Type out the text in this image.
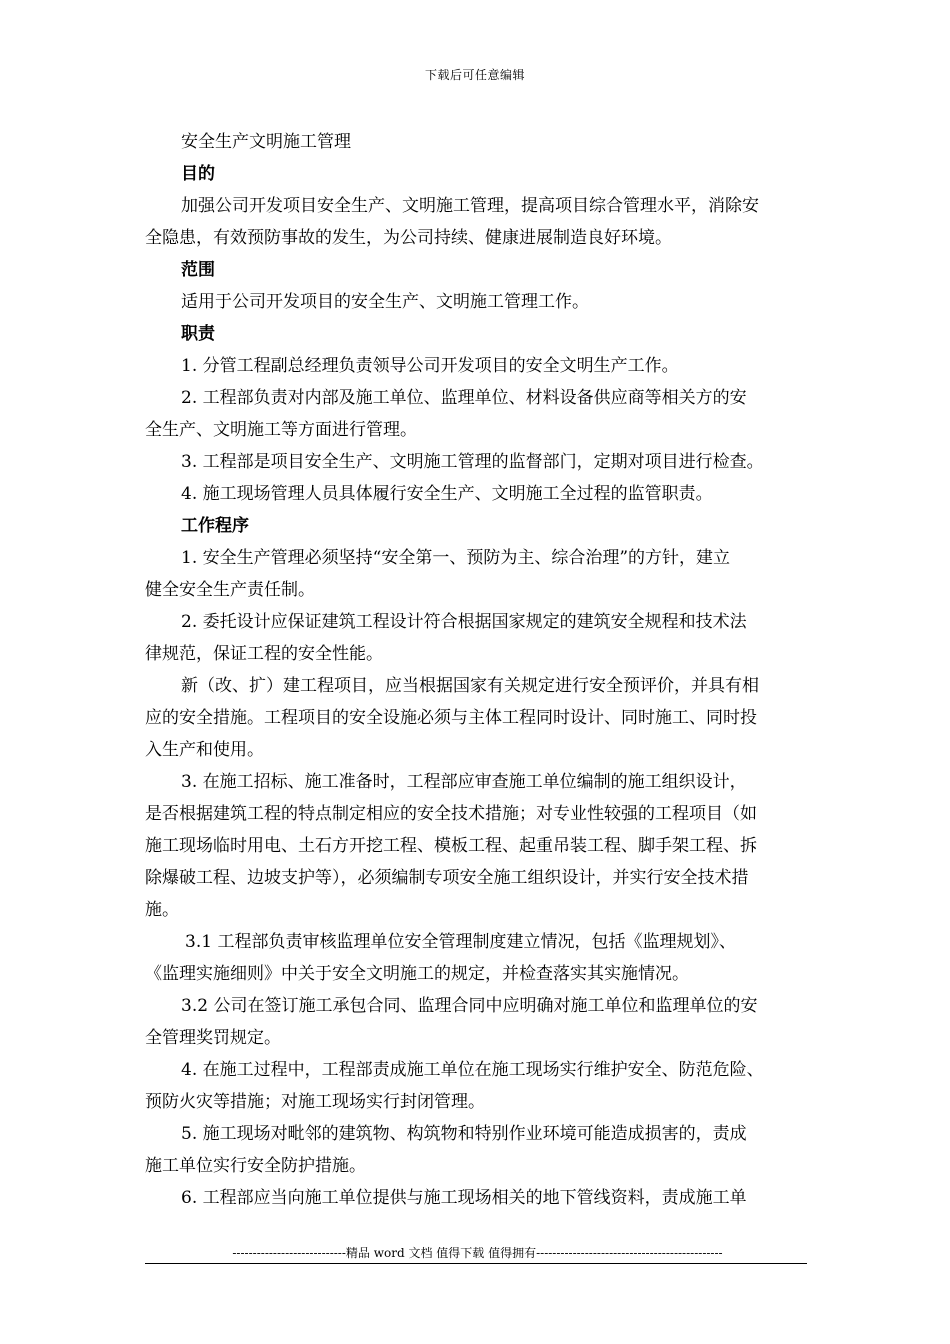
下载后可任意编辑
安全生产文明施工管理
目的
加强公司开发项目安全生产、文明施工管理，提高项目综合管理水平，消除安
全隐患，有效预防事故的发生，为公司持续、健康进展制造良好环境。
范围
适用于公司开发项目的安全生产、文明施工管理工作。
职责
1. 分管工程副总经理负责领导公司开发项目的安全文明生产工作。
2. 工程部负责对内部及施工单位、监理单位、材料设备供应商等相关方的安
全生产、文明施工等方面进行管理。
3. 工程部是项目安全生产、文明施工管理的监督部门，定期对项目进行检查。
4. 施工现场管理人员具体履行安全生产、文明施工全过程的监管职责。
工作程序
1. 安全生产管理必须坚持“安全第一、预防为主、综合治理”的方针，建立
健全安全生产责任制。
2. 委托设计应保证建筑工程设计符合根据国家规定的建筑安全规程和技术法
律规范，保证工程的安全性能。
新（改、扩）建工程项目，应当根据国家有关规定进行安全预评价，并具有相
应的安全措施。工程项目的安全设施必须与主体工程同时设计、同时施工、同时投
入生产和使用。
3. 在施工招标、施工准备时，工程部应审查施工单位编制的施工组织设计，
是否根据建筑工程的特点制定相应的安全技术措施；对专业性较强的工程项目（如
施工现场临时用电、土石方开挖工程、模板工程、起重吊装工程、脚手架工程、拆
除爆破工程、边坡支护等），必须编制专项安全施工组织设计，并实行安全技术措
施。
3.1 工程部负责审核监理单位安全管理制度建立情况，包括《监理规划》、
《监理实施细则》中关于安全文明施工的规定，并检查落实其实施情况。
3.2 公司在签订施工承包合同、监理合同中应明确对施工单位和监理单位的安
全管理奖罚规定。
4. 在施工过程中，工程部责成施工单位在施工现场实行维护安全、防范危险、
预防火灾等措施；对施工现场实行封闭管理。
5. 施工现场对毗邻的建筑物、构筑物和特别作业环境可能造成损害的，责成
施工单位实行安全防护措施。
6. 工程部应当向施工单位提供与施工现场相关的地下管线资料，责成施工单
----------------------------精品 word 文档 值得下载 值得拥有----------------------------------------------
